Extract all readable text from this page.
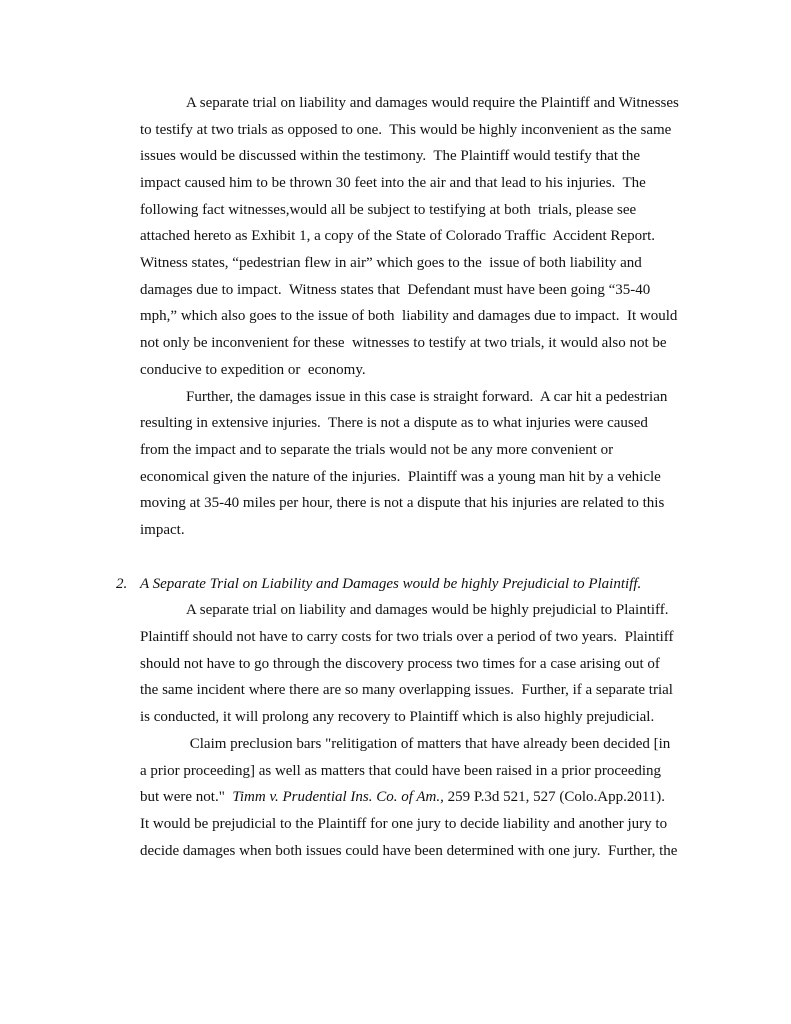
A separate trial on liability and damages would require the Plaintiff and Witnesses

to testify at two trials as opposed to one.  This would be highly inconvenient as the same

issues would be discussed within the testimony.  The Plaintiff would testify that the

impact caused him to be thrown 30 feet into the air and that lead to his injuries.  The

following fact witnesses,would all be subject to testifying at both  trials, please see

attached hereto as Exhibit 1, a copy of the State of Colorado Traffic  Accident Report.

Witness states, “pedestrian flew in air” which goes to the  issue of both liability and

damages due to impact.  Witness states that  Defendant must have been going “35-40

mph,” which also goes to the issue of both  liability and damages due to impact.  It would

not only be inconvenient for these  witnesses to testify at two trials, it would also not be

conducive to expedition or  economy.

Further, the damages issue in this case is straight forward.  A car hit a pedestrian

resulting in extensive injuries.  There is not a dispute as to what injuries were caused

from the impact and to separate the trials would not be any more convenient or

economical given the nature of the injuries.  Plaintiff was a young man hit by a vehicle

moving at 35-40 miles per hour, there is not a dispute that his injuries are related to this

impact.

2. A Separate Trial on Liability and Damages would be highly Prejudicial to Plaintiff.

A separate trial on liability and damages would be highly prejudicial to Plaintiff.

Plaintiff should not have to carry costs for two trials over a period of two years.  Plaintiff

should not have to go through the discovery process two times for a case arising out of

the same incident where there are so many overlapping issues.  Further, if a separate trial

is conducted, it will prolong any recovery to Plaintiff which is also highly prejudicial.

Claim preclusion bars "relitigation of matters that have already been decided [in

a prior proceeding] as well as matters that could have been raised in a prior proceeding

but were not."  Timm v. Prudential Ins. Co. of Am., 259 P.3d 521, 527 (Colo.App.2011).

It would be prejudicial to the Plaintiff for one jury to decide liability and another jury to

decide damages when both issues could have been determined with one jury.  Further, the
